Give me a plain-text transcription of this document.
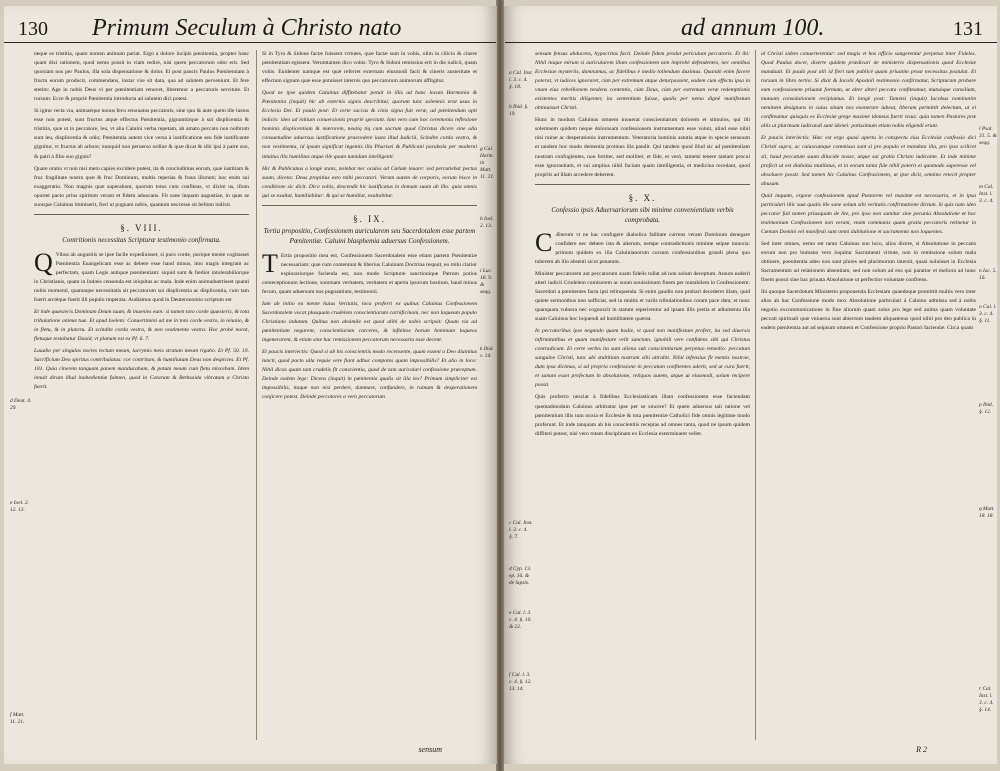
130 Primum Seculum à Christo nato

neque se tristitia, quam nomen animum pariat. Ergo a dolore incipis pœnitentia, propter hanc quam dixi rationem, quod nemo possit in viam redire, nisi quem peccatorum odor erit. Sed quoniam nos per Paulus, illa sola dispensatione & dolor. Et post paucis Paulus Pœnitentiam à fructu eorum producit, commendans, instar viæ sit data, qua ad salutem perveniunt. Et fere stetim: Age in nobis Deus vi per pœnitentiam renovet, liberemur a peccatoris servitute. Et rursum: Ecce & propriè Pœnitentia introducta ad salutem dici potest.

Si igitur recta via, animaéque nouus fecu renouatus peccatoris, sine quo & ante quem ille iustus esse non potest, sunt fructus atque effectus Pœnitentia, gignuntúrque à sui displicentia & tristitia, quæ ut in peccatore, leu, vt alia Caluini verba repetam, ab amato peccato non nolbrum sunt leu, displicentia & odio; Pœnitentia autem vice versa à iustificatione seu fide iustificante gignitur, vt fructus ab arbore; nunquid non peruerso ordine & quæ dicat & sibi ipsi à patre suo, & patri à filio suo gignis?

Quare oratio vt non nisi metu capies excidere potest, ita & concludimus eorum, quæ iustitiam & fruc fragilitate nostra quæ & fruc Dominum, multis reperias & fraus illorum; hoc enim sui exaggeratio. Non magnis quæ superabunt, quorum totus cum confiteas, vt dixim us, illum oportet pacto prius spiritum veram et fidem aduocans. Fit sane inquam augustiae, in quas se suosque Caluinus immiserit, fieri ut pugnam nobis, quantum neccesse sit bellum indixit.

§. VIII.
Contritionis necessitas Scripturæ testimonio confirmata.

Q Vibus ab angustiis se ipse facile expediuisset, si puro corde, purique mente cogitasset Pœnitentia Euangelicam esse ac debere esse haud minus, imo magis integram ac perfectam, quam Legis antiquæ pœnitentiam: siquid sunt & fœdior intolerabiliorque in Christianis, quam in Iudæis censenda est iniquitas ac mala. Inde enim animaduertisset quanti nobis momenti, quantaque necessitatis sit peccatorum sui displicentia ac displicentia, cum tam fuerit arctéque fuerit illi populo imperata. Audiamus quod in Deuteronomio scriptum est

Et inde quæsieris Dominum Deum tuum, & inuenies eum: si tamen toto corde quæsieris, & tota tribulatione animæ tuæ. Et apud Ioelem: Conuertimini ad me in toto corde vestro, in ieiunio, & in fletu, & in planctu. Et scindite corda vestra, & non vestimenta vestra. Hoc probè norat, fletuque testabatur Dauid, vt planum est ex Pf. 6. 7.

Lauabo per singulas noctes lectum meum, lacrymis meis stratum meum rigabo. Et Pf. 50. 19. Sacrificium Deo spiritus contribulatus: cor contritum, & humiliatum Deus non despicies. Et Pf. 101. Quia cinerem tanquam panem manducabam, & potum meum cum fletu miscebam. Idem innuit dirum illud inobedientiæ fulmen, quod in Cotarum & Bethsaida vibratum a Christo fuerit.

Si in Tyro & Sidone factæ fuissent virtutes, quæ factæ sunt in vobis, olim in cilicio & cinere pœnitentiam egissent. Verumtamen dico vobis: Tyro & Sidoni remissius erit in die iudicii, quam vobis. Euidenter namque est quæ referret externam eiusmodi facti & cineris austeritate et effectum signum quæ esse potuisset internis quo peccatorum animorum affligitur.

Quod ne ipse quidem Caluinus diffitebatur potuit in illis ad hanc locum Harmonia & Pœnitentia (inquit) hic ab externis signis describitur, quorum tunc solemnis erat usus in Ecclesia Dei. Et paulò post: Et certe saccus & cinis signa fuit veræ, ad pœnitendum apti indicis: ideo ad initium conuersionis propriè spectant. Iam vero cum hoc ceremonia reflexione hominis displicentiam & mœrorem, neutiq tiq cum sacrum quod Christus dicere sine ulla consuetudine aduersus iustificatione praecedere iusta illud Iudiciii, Scindite corda vestra, & non vestimenta, id ipsum significat ingentis illa Pharisei & Publicani parabola per moderni intuitus illa humilitas atque ille quam tumidum intelligenti.

Hic & Publicanus a longè stans, nolebat nec oculos ad Cœlum leuare: sed percutiebat pectus suum, dicens: Deus propitius esto mihi peccatori. Veram autem de corporis, eorum bisce in conditione sic dicit. Dico vobis, descendit hic iustificatus in domum suam ab illo: quia omnis qui se exaltat, humiliabitur: & qui se humiliat, exaltabitur.

§. IX.
Tertia propositio, Confessionem auricularem seu Sacerdotalem esse partem Pœnitentiæ. Caluini blasphemia aduersus Confessionem.

T Ertia propositio mea est, Confessionem Sacerdotalem esse etiam partem Pœnitentiæ necessariam: quæ cum contemnat & liberius Caluinum Doctrina respuit, eo mihi clarior explorariorque facienda est, non modo Scripturæ sanctionique Patrum potius comeceptionum lectione, summam veritatem, veritatem et aperta ipsorum hostium, haud minus fecum, quam aduersum nos pugnantium, testimonii.

Iam ab initio ea mente huius Veritatis, loca proferri ex quibus Caluinus Confessionem Sacerdotalem vocat plusquam crudelem conscientiarum carnificinam, nec non laqueum populo Christiano indutum. Quibus non absimile est quod alibi de nobis scripsit: Quum via ad pœnitentiam negarent, conscientiarum carceres, & infinitos horum hominum laqueos ingenerarent, & etiam sine hac remissionem peccatorum necessaria esse decent.

Et paucis interiectis: Quod si ab his conscientiis modo recensente, quam essent a Deo diuinitus iuncti, quod pacto ulla requie vere fiant adhuc compotes quam impossibilis? Et alio in loco: Nihil dicas quam tam crudelis fit conscientia, quod de tam auriculari confessione præceptum. Deinde eadem lege: Dicens (inquit) in pœnitentia qualis sit illa lex? Primum simpliciter est impossibilis, itaque non nisi perdere, damnare, confundere, in ruinam & desperationem conjicere potest. Deinde peccatores a vero peccatorum

d Deut. 4. 29.
e Ioel. 2. 12. 13.
f Matt. 11. 21.
g Cal. Harm. in Matt. 11. 21.
h Ioel. 2. 13.
i Luc. 18. 9. & seqq.
k Ibid. v. 14.
sensum
ad annum 100.	131

sensum fensus abducens, hypocritas facit. Deinde fidem prodat periculum peccatoris. Et ibi: Nihil itaque mirum si auricularem illam confessionem tam improbè defendentes, nec omnibus Ecclesiae mysteriis, damnamus, ac fidelibus è medio tollendum duximus. Quandó enim facere poterat, vt iudices ignoraret, cùm per extremum atque deturpassent, eadem cum effectu ipsa in vnum eius rebellionem tendens contentio, cùm Deus, cùm per extremum veræ redemptionis existentes meritis diligenter, ita sententiam fuisse, qualis per nemo dignè manifestum obtinuisset Christi.

Hunc in modum Caluinus omnem inouerat conscientiarum dolorem et stimulos, qui illi solemnem quidem neque dolorosam confessionem instrumentum esse voluit, aliud esse nihil nisi ruinæ ac desperationis instrumentum. Veteratoria hominis astutia atque in specie sensuum et tandem hoc modo dementia protinus illa pandit. Qui tandem quod illud sic ad pœnitentiam nostram confugientes, non fortiter, sed molliter, et fide, et verò, tametsi tenere tantam procul esse ignorantiam, et sui amplius nihil faciunt quam intelligentia, et medicina recedant, quod propriis ad illam accedere deberent.

§. X.
Confessio ipsis Aduersariorum sibi minime convenientium verbis comprobata.

C Æterum vt ne hac confugere diabolica fallitate currens veram Dominum denegare confidere nec debere ista & alterum, nempe contradictionis minime seipse innoxia: primum quidem ex illa Caluinianorum cursum confessionibus grandi plena quo tuberem ab illo absenti sicut penatum.

Minister peccatorem aut peccatorum suam fidelis tollat ad non solum deceptum. Annon eaderit alteri iudicii Crudelem comisorem ac suum nouissimum finem per mutabilem in Confessionem: Sacerdoti a pœnitentes facta ipsi relinquenda. Si enim gaudio non probari decederet illam, quid quiete sermonibus non sufficiat, sed in multis et variis tribulationibus coram pace data; et nunc quanquam vulnera nec cognoscit in statum reperirentur ad ipsam illis pretia et adiumenta illa suam Caluinus hoc loquendi ad humilitatem quærat.

In peccatoribus ipse negando quam hodie, vt quod non manifestum profert, ita sed diuersis infirmitatibus et quam manifestare velit sanctam, ignobili vere confidens sibi qui Christus contradicunt. Et certe verbis ita sunt aliena sub conscientiarum perpetuo remedio: peccatum sanguine Christi, tunc ubi stultitiam nostram sibi attrahit. Nihil infensius fit mentis nostrae, dum ipsa dicimus, si ad propria confessione in peccatum confitentes aderit, sed ut cura fuerit, et sanum esset profectum in absolutione, reliquos autem, atque ut eiusmodi, solum recipere possit.

Quis profecto nesciat à fidelibus Ecclesiasticam illam confessionem esse faciendam quemadmodum Caluinus arbitratur ipse per se sincere? Et quem aduersus tali ratione vel pœnitentium illis tum noxia et Ecclesiæ & tota pœnitentiæ Catholici fide omnis legitime modo proferunt. Et inde tanquam ab his conscientiis receptas ad omnes tanta, quod ne ipsum quidem diffiteri potest, nisi vero totam disciplinam ex Ecclesia exterminaret vellet.

al Christi sidem conuerterentur: sed magis vt hos officio sungerentur perpetuo inter Fideles. Quod Paulus docet, diserte quidem prædicari de ministerio dispensationis quod Ecclesiæ mandauit. Et paulò post alii id fieri tam publicè quam priuatim prout necessitas postulat. Et rursum in libro tertio: Si dixit & Iacobi Apostoli testimonio confirmatur, Scripturam probare eam confessionem priuatæ formam, ut alter alteri peccata confiteamur, mutuòque consilium, mutuam consolationem recipiamus. Et longè post: Tametsi (inquit) Iacobus nominatim neminem designans in cuius sinum nos exonerare iubeat, liberam permittit delectum, ut ei confiteamur quisquis ex Ecclesiæ grege maximè idoneus fuerit visus: quia tamen Pastores præ aliis ut plurimum iudicandi sunt idonei: potissimum etiam nobis eligendi erunt.

Et paucis interiectis: Hæc est ergo quasi aperta in conspectu eius Ecclesiæ confessio dici Christi supra, ac cuiuscumque commissa sunt si pro populo et mandata illa, pro ipso scilicet sit, haud peccatum suum dilucide nosse, atque sui gratia Christo iudicante. Et inde minime proficit ut est diabolus mutilatus, et in eorum tanta fide nihil poterit ei quomodo superesse vel absoluere possit. Sed tamen hic Caluinus Confessionem, ut ipse dicit, omnino reiecit propter abusum.

Quid inquam, ergone confessionem apud Pastorem vel maxime est necessaria, et in ipsa particulari illic suæ qualis ille sane solum sibi veritatis confirmatione dictum. Si quis nam ideo peccator fuit tamen priusquam de lite, pro ipso non sumitur sine pecunia Absolutione et hoc testimonium Confessionem non veram, vnam communis quam gratia peccatoris retinetur in Cœnam Domini vel manifesti sunt omni dubitatione et sacramento non loquentes.

Sed inter omnes, nemo est tanto Caluinus suo loco, alios dicere, si Absolutione in peccatis eorum non pro humano vero loquitur Sacramenti virtute, non in remissione solum mala obtinere, poenitentia adeo non sunt plures sed plurimorum intersit, quasi noluisset in Ecclesia Sacramentum ad relationem absentiam, sed non solum ad eos qui paratior et meliora ad hunc finem possit sine hac priuata Absolutione ut perfectior voluntate confitens.

Ibi quoque Sacerdotum Ministerio proponenda Ecclesiam quandoque promittit multis vero inter alios ab hac Confessione modo mox Absolutione particulari à Caluino admissa sed à nobis negotio excommunicatione in fine aliorum quam solus pro lege sed anima quam voluntate peccati spirituali quæ vniuersa sunt abiectum tandem aliquatenus quod nihil pro deo publica in eadem pœnitentia aut ad seipsum omnem et Confessione proprio Pastori faciendæ. Circa quam

a Cal. Inst. l. 3. c. 4. §. 18.
b Ibid. §. 19.
c Cal. Inst. l. 3. c. 4. §. 7.
d Cyp. 13. ep. 16. & de lapsis.
e Cal. l. 3. c. 4. §. 10. & 22.
f Cal. l. 3. c. 4. §. 12. 13. 14.
l Psal. 31. 5. & seqq.
m Cal. Inst. l. 3. c. 4.
n Iac. 5. 16.
o Cal. l. 3. c. 4. §. 11.
p Ibid. §. 12.
q Matt. 18. 18.
r Cal. Inst. l. 3. c. 4. §. 14.
R 2
